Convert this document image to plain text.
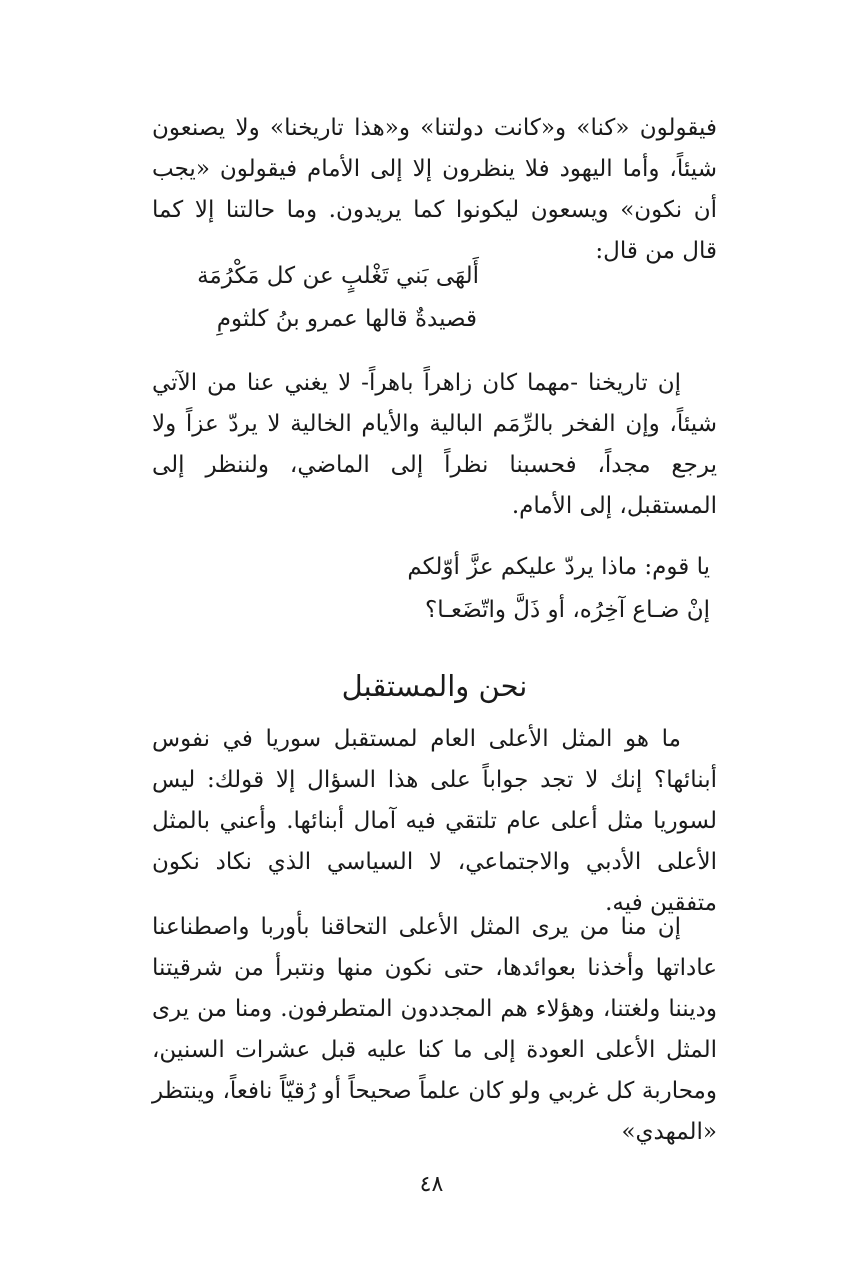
فيقولون «كنا» و«كانت دولتنا» و«هذا تاريخنا» ولا يصنعون شيئاً، وأما اليهود فلا ينظرون إلا إلى الأمام فيقولون «يجب أن نكون» ويسعون ليكونوا كما يريدون. وما حالتنا إلا كما قال من قال:

أَلهَى بَني تَغْلبٍ عن كل مَكْرُمَة
قصيدةٌ قالها عمرو بنُ كلثومِ

إن تاريخنا -مهما كان زاهراً باهراً- لا يغني عنا من الآتي شيئاً، وإن الفخر بالرِّمَم البالية والأيام الخالية لا يردّ عزاً ولا يرجع مجداً، فحسبنا نظراً إلى الماضي، ولننظر إلى المستقبل، إلى الأمام.

يا قوم: ماذا يردّ عليكم عزَّ أوّلكم
إنْ ضـاع آخِرُه، أو ذَلَّ واتّضَعـا؟
نحن والمستقبل

ما هو المثل الأعلى العام لمستقبل سوريا في نفوس أبنائها؟ إنك لا تجد جواباً على هذا السؤال إلا قولك: ليس لسوريا مثل أعلى عام تلتقي فيه آمال أبنائها. وأعني بالمثل الأعلى الأدبي والاجتماعي، لا السياسي الذي نكاد نكون متفقين فيه.

إن منا من يرى المثل الأعلى التحاقنا بأوربا واصطناعنا عاداتها وأخذنا بعوائدها، حتى نكون منها ونتبرأ من شرقيتنا وديننا ولغتنا، وهؤلاء هم المجددون المتطرفون. ومنا من يرى المثل الأعلى العودة إلى ما كنا عليه قبل عشرات السنين، ومحاربة كل غربي ولو كان علماً صحيحاً أو رُقيّاً نافعاً، وينتظر «المهدي»

٤٨
